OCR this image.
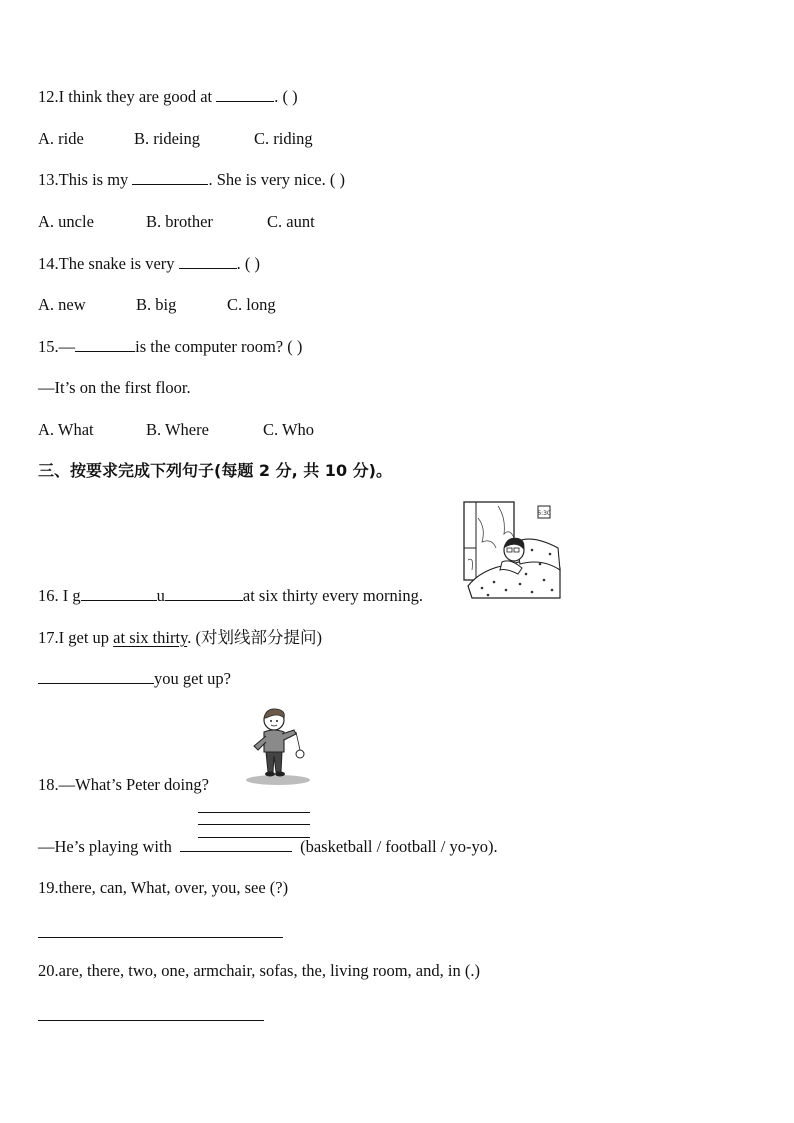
12.I think they are good at	. ( )
A. ride	B. rideing	C. riding
13.This is my	. She is very nice. ( )
A. uncle	B. brother	C. aunt
14.The snake is very	. ( )
A. new	B. big	C. long
15.—	is the computer room? ( )
—It’s on the first floor.
A. What	B. Where	C. Who
三、按要求完成下列句子(每题 2 分, 共 10 分)。
6:30
16. I g	u	at six thirty every morning.
17.I get up at six thirty. (对划线部分提问)
you get up?
18.—What’s Peter doing?
—He’s playing with	(basketball / football / yo-yo).
19.there, can, What, over, you, see (?)
20.are, there, two, one, armchair, sofas, the, living room, and, in (.)
